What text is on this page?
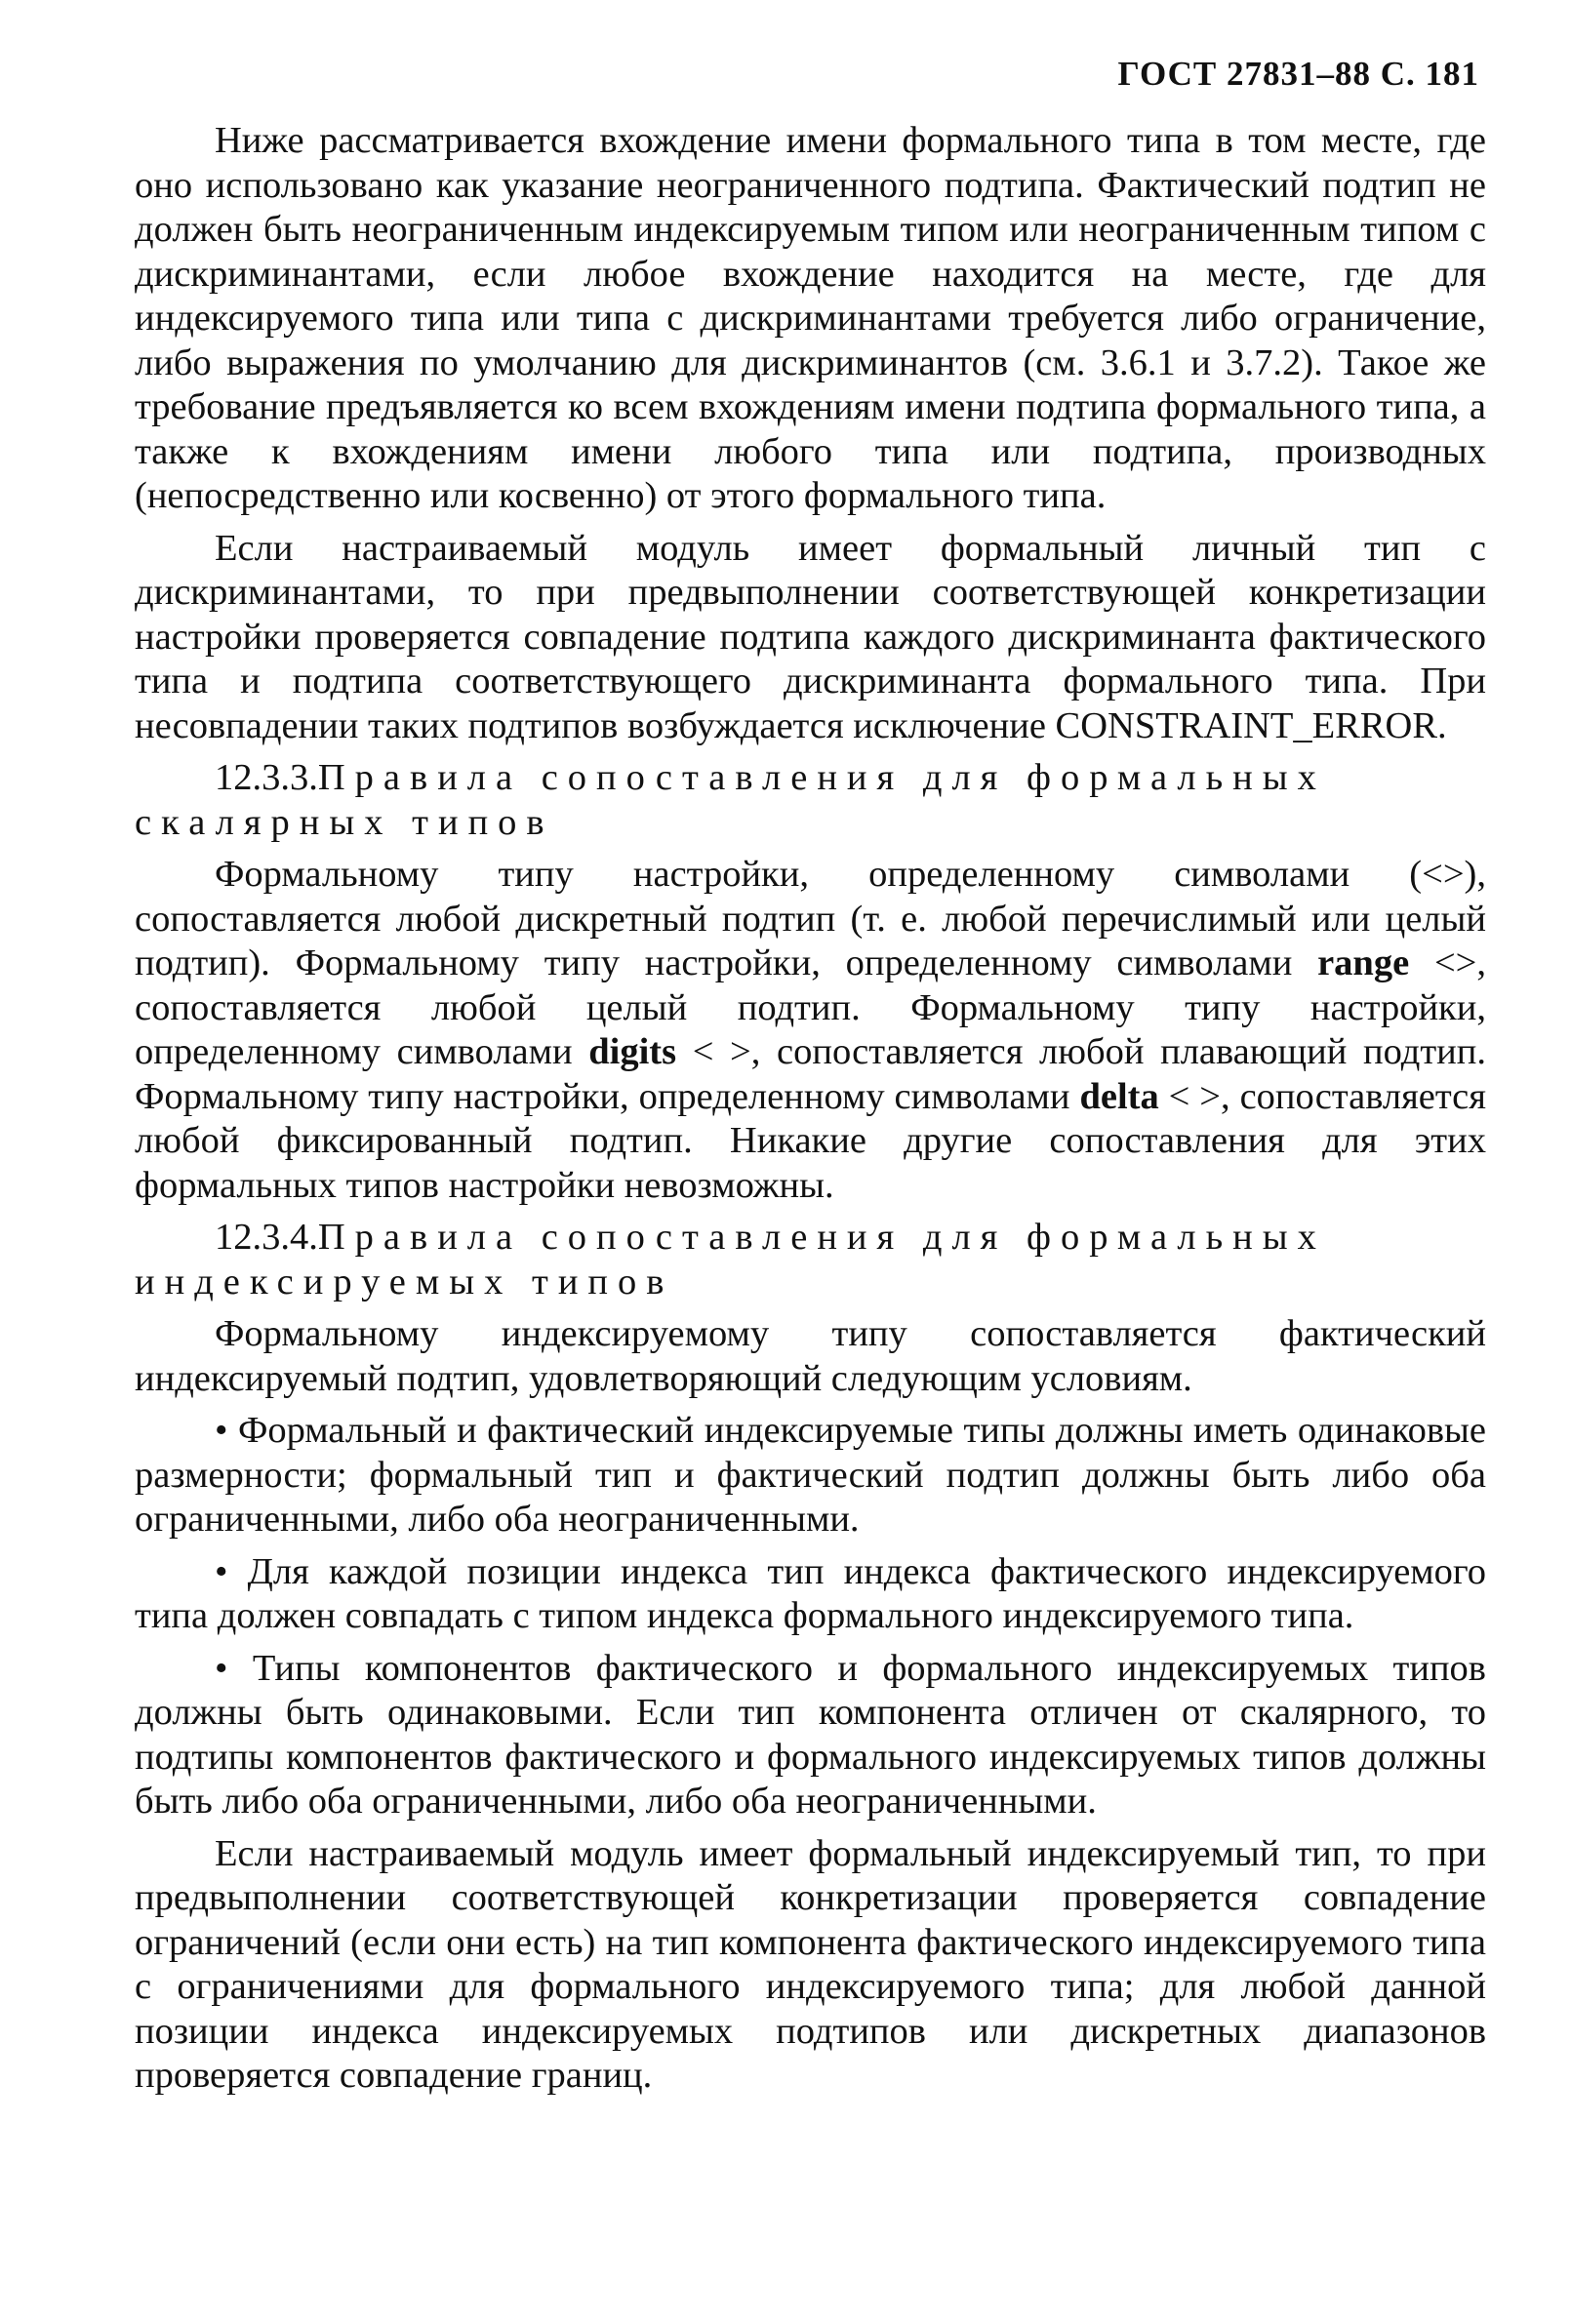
ГОСТ 27831–88 С. 181

Ниже рассматривается вхождение имени формального типа в том месте, где оно использовано как указание неограниченного подтипа. Фактический подтип не должен быть неограниченным индексируемым типом или неограниченным типом с дискриминантами, если любое вхождение находится на месте, где для индексируемого типа или типа с дискриминантами требуется либо ограничение, либо выражения по умолчанию для дискриминантов (см. 3.6.1 и 3.7.2). Такое же требование предъявляется ко всем вхождениям имени подтипа формального типа, а также к вхождениям имени любого типа или подтипа, производных (непосредственно или косвенно) от этого формального типа.

Если настраиваемый модуль имеет формальный личный тип с дискриминантами, то при предвыполнении соответствующей конкретизации настройки проверяется совпадение подтипа каждого дискриминанта фактического типа и подтипа соответствующего дискриминанта формального типа. При несовпадении таких подтипов возбуждается исключение CONSTRAINT_ERROR.

12.3.3.Правила сопоставления для формальных скалярных типов

Формальному типу настройки, определенному символами (<>), сопоставляется любой дискретный подтип (т. е. любой перечислимый или целый подтип). Формальному типу настройки, определенному символами range <>, сопоставляется любой целый подтип. Формальному типу настройки, определенному символами digits < >, сопоставляется любой плавающий подтип. Формальному типу настройки, определенному символами delta < >, сопоставляется любой фиксированный подтип. Никакие другие сопоставления для этих формальных типов настройки невозможны.

12.3.4.Правила сопоставления для формальных индексируемых типов

Формальному индексируемому типу сопоставляется фактический индексируемый подтип, удовлетворяющий следующим условиям.

• Формальный и фактический индексируемые типы должны иметь одинаковые размерности; формальный тип и фактический подтип должны быть либо оба ограниченными, либо оба неограниченными.

• Для каждой позиции индекса тип индекса фактического индексируемого типа должен совпадать с типом индекса формального индексируемого типа.

• Типы компонентов фактического и формального индексируемых типов должны быть одинаковыми. Если тип компонента отличен от скалярного, то подтипы компонентов фактического и формального индексируемых типов должны быть либо оба ограниченными, либо оба неограниченными.

Если настраиваемый модуль имеет формальный индексируемый тип, то при предвыполнении соответствующей конкретизации проверяется совпадение ограничений (если они есть) на тип компонента фактического индексируемого типа с ограничениями для формального индексируемого типа; для любой данной позиции индекса индексируемых подтипов или дискретных диапазонов проверяется совпадение границ.
